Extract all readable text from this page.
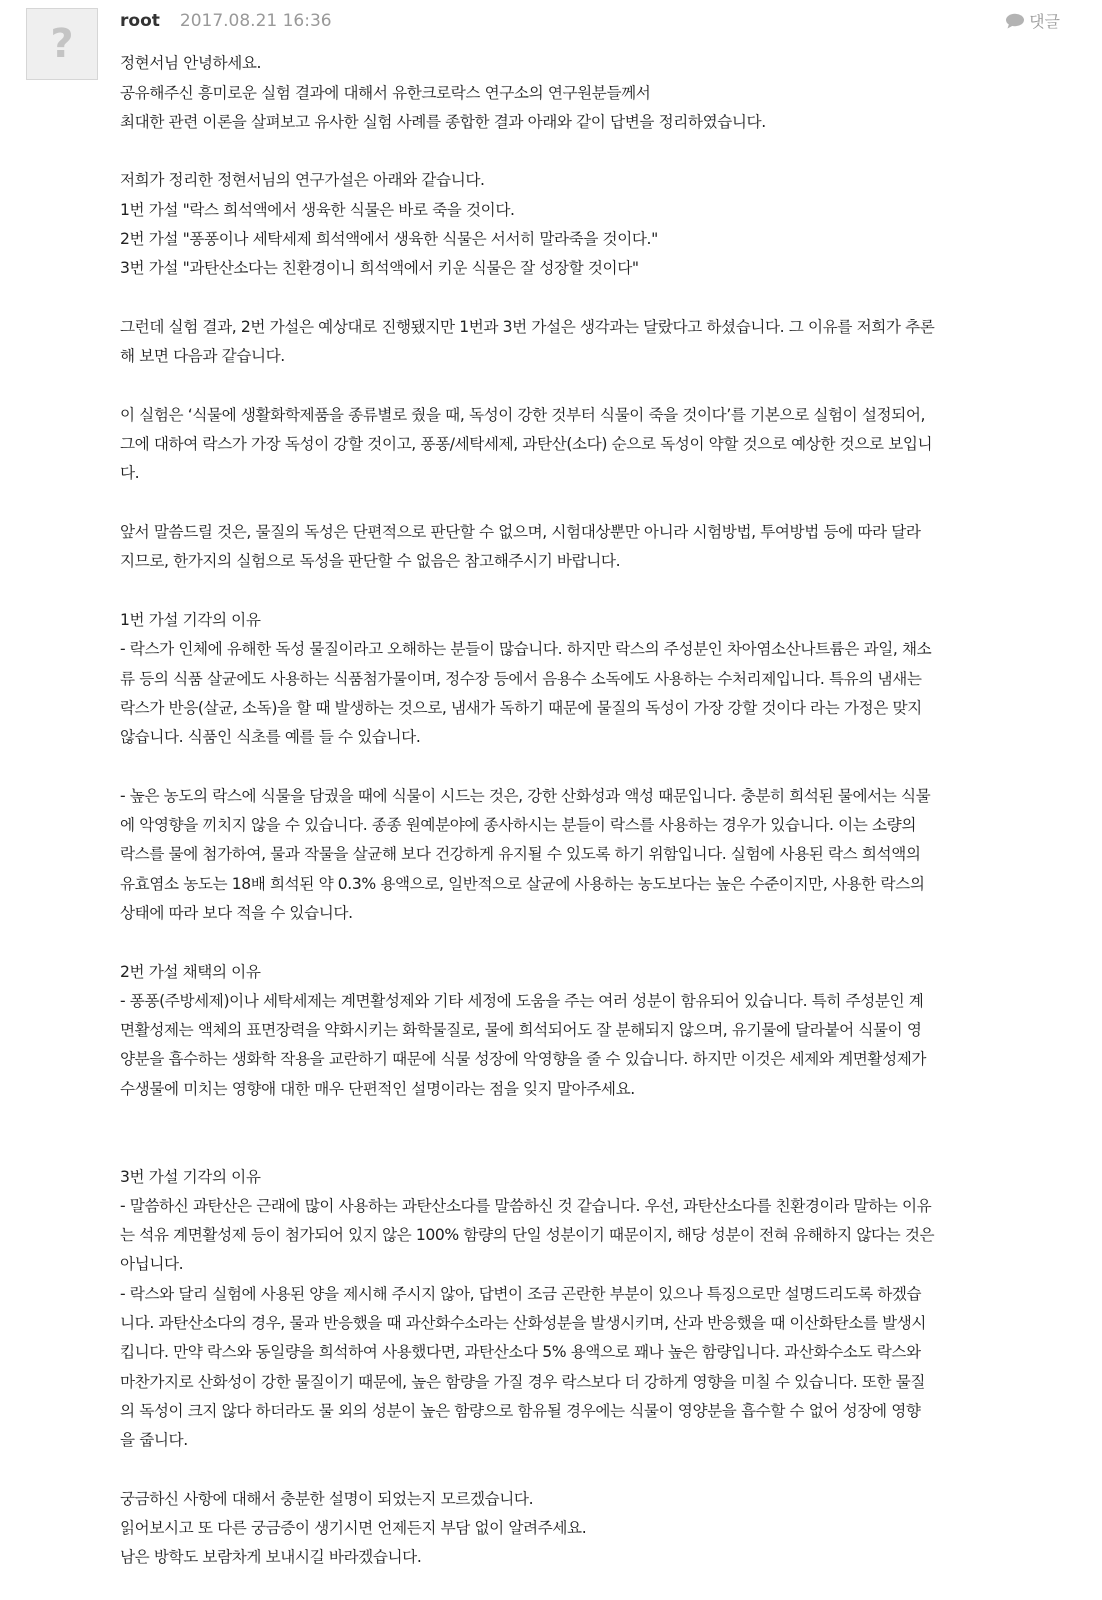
?	root 2017.08.21 16:36	댓글

정현서님 안녕하세요.

공유해주신 흥미로운 실험 결과에 대해서 유한크로락스 연구소의 연구원분들께서

최대한 관련 이론을 살펴보고 유사한 실험 사례를 종합한 결과 아래와 같이 답변을 정리하였습니다.

저희가 정리한 정현서님의 연구가설은 아래와 같습니다.

1번 가설 "락스 희석액에서 생육한 식물은 바로 죽을 것이다.

2번 가설 "퐁퐁이나 세탁세제 희석액에서 생육한 식물은 서서히 말라죽을 것이다."

3번 가설 "과탄산소다는 친환경이니 희석액에서 키운 식물은 잘 성장할 것이다"

그런데 실험 결과, 2번 가설은 예상대로 진행됐지만 1번과 3번 가설은 생각과는 달랐다고 하셨습니다. 그 이유를 저희가 추론

해 보면 다음과 같습니다.

이 실험은 ‘식물에 생활화학제품을 종류별로 줬을 때, 독성이 강한 것부터 식물이 죽을 것이다’를 기본으로 실험이 설정되어,

그에 대하여 락스가 가장 독성이 강할 것이고, 퐁퐁/세탁세제, 과탄산(소다) 순으로 독성이 약할 것으로 예상한 것으로 보입니

다.

앞서 말씀드릴 것은, 물질의 독성은 단편적으로 판단할 수 없으며, 시험대상뿐만 아니라 시험방법, 투여방법 등에 따라 달라

지므로, 한가지의 실험으로 독성을 판단할 수 없음은 참고해주시기 바랍니다.

1번 가설 기각의 이유

- 락스가 인체에 유해한 독성 물질이라고 오해하는 분들이 많습니다. 하지만 락스의 주성분인 차아염소산나트륨은 과일, 채소

류 등의 식품 살균에도 사용하는 식품첨가물이며, 정수장 등에서 음용수 소독에도 사용하는 수처리제입니다. 특유의 냄새는

락스가 반응(살균, 소독)을 할 때 발생하는 것으로, 냄새가 독하기 때문에 물질의 독성이 가장 강할 것이다 라는 가정은 맞지

않습니다. 식품인 식초를 예를 들 수 있습니다.

- 높은 농도의 락스에 식물을 담궜을 때에 식물이 시드는 것은, 강한 산화성과 액성 때문입니다. 충분히 희석된 물에서는 식물

에 악영향을 끼치지 않을 수 있습니다. 종종 원예분야에 종사하시는 분들이 락스를 사용하는 경우가 있습니다. 이는 소량의

락스를 물에 첨가하여, 물과 작물을 살균해 보다 건강하게 유지될 수 있도록 하기 위함입니다. 실험에 사용된 락스 희석액의

유효염소 농도는 18배 희석된 약 0.3% 용액으로, 일반적으로 살균에 사용하는 농도보다는 높은 수준이지만, 사용한 락스의

상태에 따라 보다 적을 수 있습니다.

2번 가설 채택의 이유

- 퐁퐁(주방세제)이나 세탁세제는 계면활성제와 기타 세정에 도움을 주는 여러 성분이 함유되어 있습니다. 특히 주성분인 계

면활성제는 액체의 표면장력을 약화시키는 화학물질로, 물에 희석되어도 잘 분해되지 않으며, 유기물에 달라붙어 식물이 영

양분을 흡수하는 생화학 작용을 교란하기 때문에 식물 성장에 악영향을 줄 수 있습니다. 하지만 이것은 세제와 계면활성제가

수생물에 미치는 영향애 대한 매우 단편적인 설명이라는 점을 잊지 말아주세요.

3번 가설 기각의 이유

- 말씀하신 과탄산은 근래에 많이 사용하는 과탄산소다를 말씀하신 것 같습니다. 우선, 과탄산소다를 친환경이라 말하는 이유

는 석유 계면활성제 등이 첨가되어 있지 않은 100% 함량의 단일 성분이기 때문이지, 해당 성분이 전혀 유해하지 않다는 것은

아닙니다.

- 락스와 달리 실험에 사용된 양을 제시해 주시지 않아, 답변이 조금 곤란한 부분이 있으나 특징으로만 설명드리도록 하겠습

니다. 과탄산소다의 경우, 물과 반응했을 때 과산화수소라는 산화성분을 발생시키며, 산과 반응했을 때 이산화탄소를 발생시

킵니다. 만약 락스와 동일량을 희석하여 사용했다면, 과탄산소다 5% 용액으로 꽤나 높은 함량입니다. 과산화수소도 락스와

마찬가지로 산화성이 강한 물질이기 때문에, 높은 함량을 가질 경우 락스보다 더 강하게 영향을 미칠 수 있습니다. 또한 물질

의 독성이 크지 않다 하더라도 물 외의 성분이 높은 함량으로 함유될 경우에는 식물이 영양분을 흡수할 수 없어 성장에 영향

을 줍니다.

궁금하신 사항에 대해서 충분한 설명이 되었는지 모르겠습니다.

읽어보시고 또 다른 궁금증이 생기시면 언제든지 부담 없이 알려주세요.

남은 방학도 보람차게 보내시길 바라겠습니다.
